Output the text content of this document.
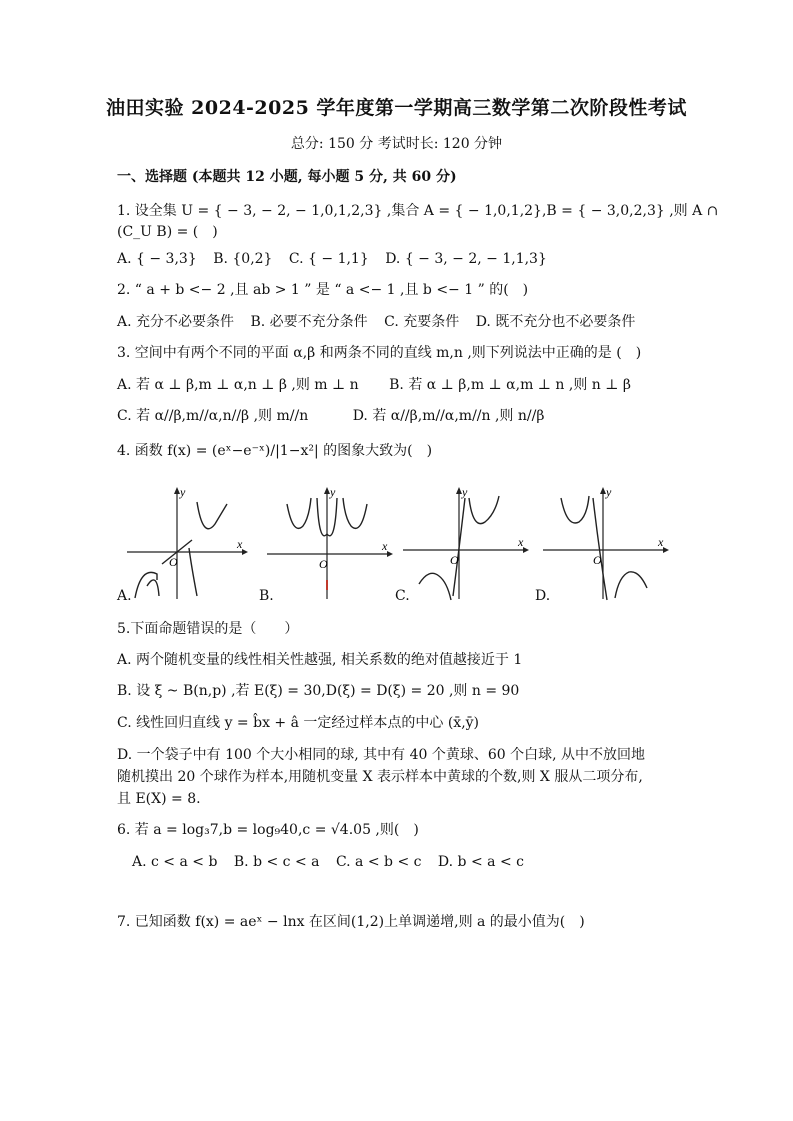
油田实验 2024-2025 学年度第一学期高三数学第二次阶段性考试
总分: 150 分 考试时长: 120 分钟
一、选择题 (本题共 12 小题, 每小题 5 分, 共 60 分)
1. 设全集 U = { − 3, − 2, − 1,0,1,2,3} ,集合 A = { − 1,0,1,2},B = { − 3,0,2,3} ,则 A ∩
(C_U B) = (　)
A. { − 3,3} B. {0,2} C. { − 1,1} D. { − 3, − 2, − 1,1,3}
2. “ a + b <− 2 ,且 ab > 1 ” 是 “ a <− 1 ,且 b <− 1 ” 的(　)
A. 充分不必要条件 B. 必要不充分条件 C. 充要条件 D. 既不充分也不必要条件
3. 空间中有两个不同的平面 α,β 和两条不同的直线 m,n ,则下列说法中正确的是 (　)
A. 若 α ⊥ β,m ⊥ α,n ⊥ β ,则 m ⊥ n B. 若 α ⊥ β,m ⊥ α,m ⊥ n ,则 n ⊥ β
C. 若 α//β,m//α,n//β ,则 m//n	D. 若 α//β,m//α,m//n ,则 n//β
4. 函数 f(x) = (eˣ−e⁻ˣ)/|1−x²| 的图象大致为(　)
O
y
x
A.
O
y
x
B.
O
y
x
C.
O
y
x
D.
5.下面命题错误的是（　　）
A. 两个随机变量的线性相关性越强, 相关系数的绝对值越接近于 1
B. 设 ξ ~ B(n,p) ,若 E(ξ) = 30,D(ξ) = D(ξ) = 20 ,则 n = 90
C. 线性回归直线 y = b̂x + â 一定经过样本点的中心 (x̄,ȳ)
D. 一个袋子中有 100 个大小相同的球, 其中有 40 个黄球、60 个白球, 从中不放回地
随机摸出 20 个球作为样本,用随机变量 X 表示样本中黄球的个数,则 X 服从二项分布,
且 E(X) = 8.
6. 若 a = log₃7,b = log₉40,c = √4.05 ,则(　)
A. c < a < b B. b < c < a C. a < b < c D. b < a < c
7. 已知函数 f(x) = aeˣ − lnx 在区间(1,2)上单调递增,则 a 的最小值为(　)
